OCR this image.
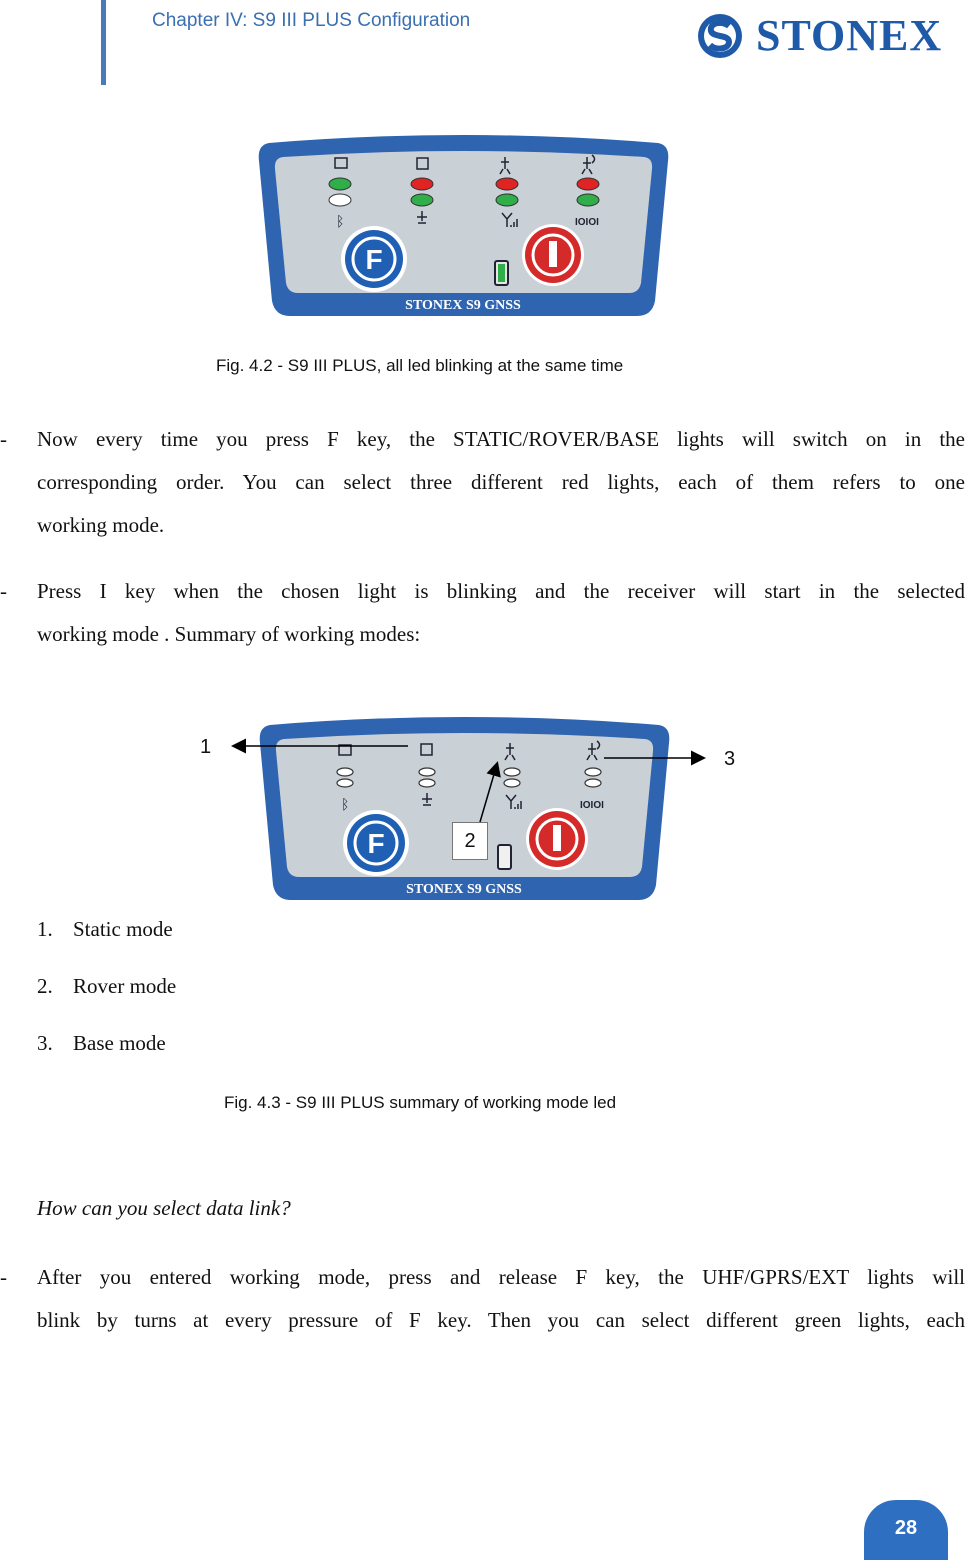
Chapter IV: S9 III PLUS Configuration	STONEX
ᛒ	IOIOI
F
STONEX S9 GNSS
Fig. 4.2 - S9 III PLUS, all led blinking at the same time
-	Now every time you press F key, the STATIC/ROVER/BASE lights will switch on in the
corresponding order. You can select three different red lights, each of them refers to one
working mode.
-	Press I key when the chosen light is blinking and the receiver will start in the selected
working mode . Summary of working modes:
ᛒ	IOIOI
F
STONEX S9 GNSS
1
2
3
1. Static mode
2. Rover mode
3. Base mode
Fig. 4.3 - S9 III PLUS summary of working mode led
How can you select data link?
-	After you entered working mode, press and release F key, the UHF/GPRS/EXT lights will
blink by turns at every pressure of F key. Then you can select different green lights, each
28
